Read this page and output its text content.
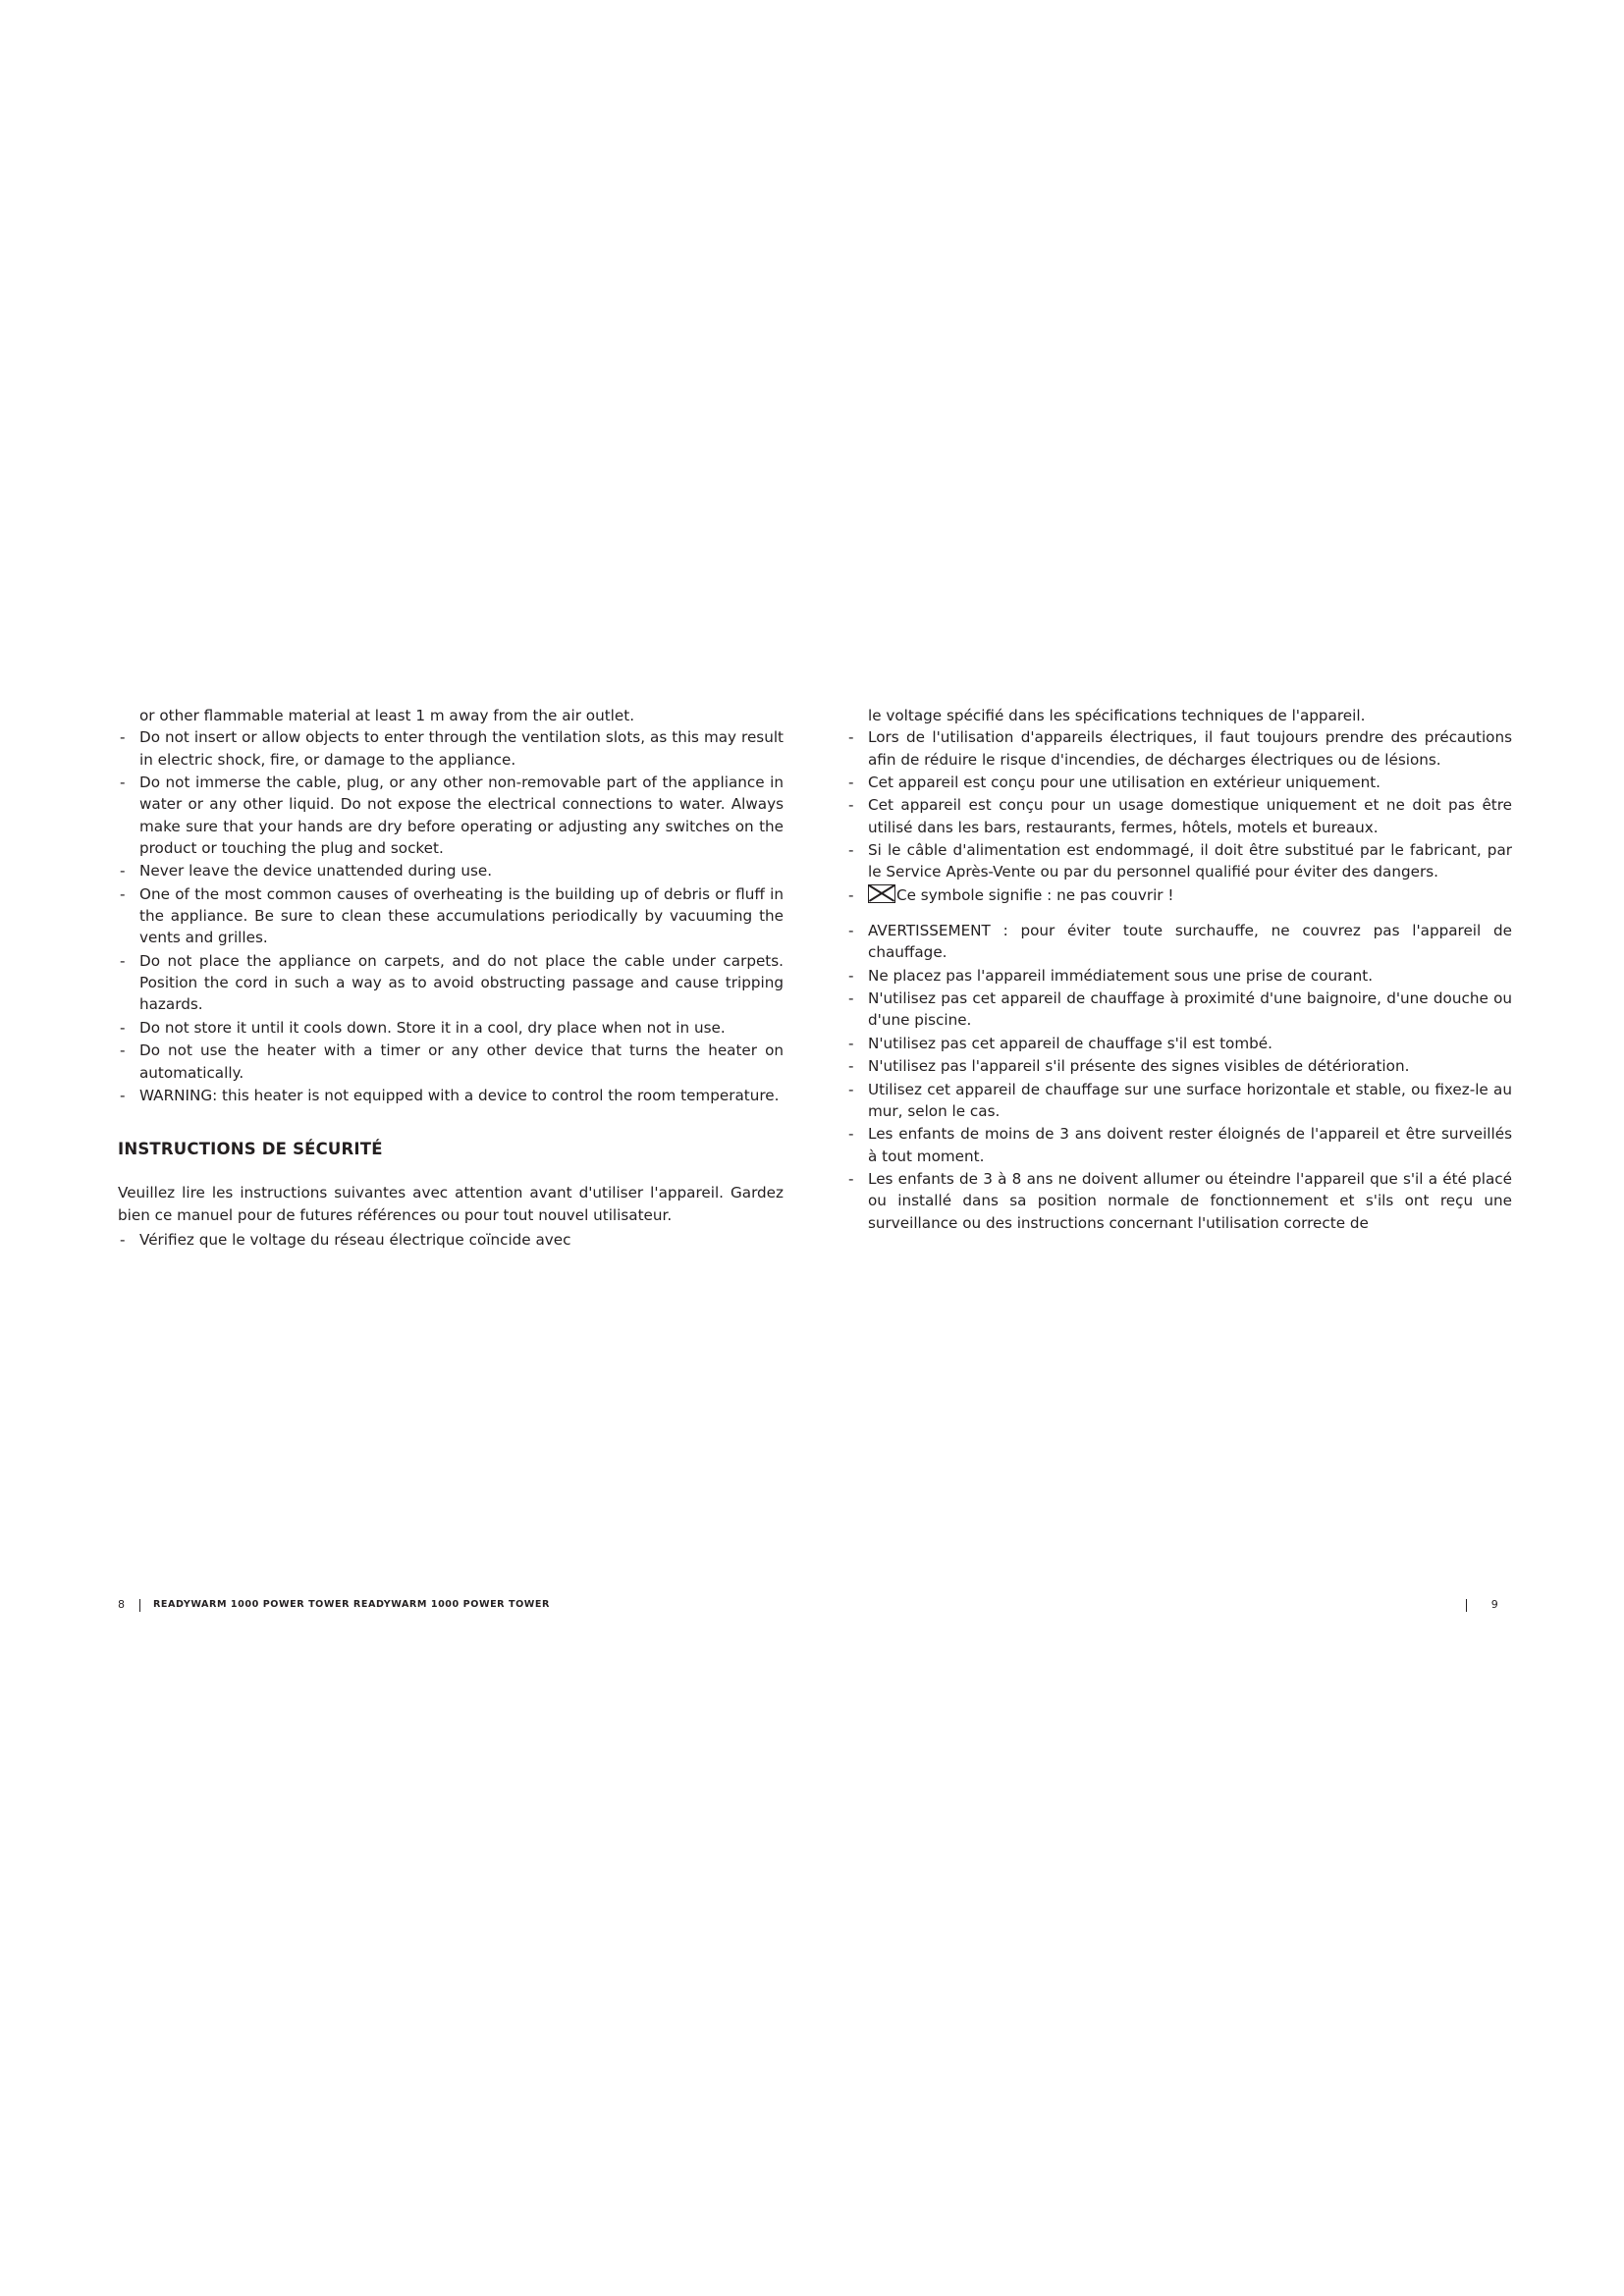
or other flammable material at least 1 m away from the air outlet.

- Do not insert or allow objects to enter through the ventilation slots, as this may result in electric shock, fire, or damage to the appliance.
- Do not immerse the cable, plug, or any other non-removable part of the appliance in water or any other liquid. Do not expose the electrical connections to water. Always make sure that your hands are dry before operating or adjusting any switches on the product or touching the plug and socket.
- Never leave the device unattended during use.
- One of the most common causes of overheating is the building up of debris or fluff in the appliance. Be sure to clean these accumulations periodically by vacuuming the vents and grilles.
- Do not place the appliance on carpets, and do not place the cable under carpets. Position the cord in such a way as to avoid obstructing passage and cause tripping hazards.
- Do not store it until it cools down. Store it in a cool, dry place when not in use.
- Do not use the heater with a timer or any other device that turns the heater on automatically.
- WARNING: this heater is not equipped with a device to control the room temperature.
INSTRUCTIONS DE SÉCURITÉ

Veuillez lire les instructions suivantes avec attention avant d'utiliser l'appareil. Gardez bien ce manuel pour de futures références ou pour tout nouvel utilisateur.

- Vérifiez que le voltage du réseau électrique coïncide avec

le voltage spécifié dans les spécifications techniques de l'appareil.

- Lors de l'utilisation d'appareils électriques, il faut toujours prendre des précautions afin de réduire le risque d'incendies, de décharges électriques ou de lésions.
- Cet appareil est conçu pour une utilisation en extérieur uniquement.
- Cet appareil est conçu pour un usage domestique uniquement et ne doit pas être utilisé dans les bars, restaurants, fermes, hôtels, motels et bureaux.
- Si le câble d'alimentation est endommagé, il doit être substitué par le fabricant, par le Service Après-Vente ou par du personnel qualifié pour éviter des dangers.
-	Ce symbole signifie : ne pas couvrir !
- AVERTISSEMENT : pour éviter toute surchauffe, ne couvrez pas l'appareil de chauffage.
- Ne placez pas l'appareil immédiatement sous une prise de courant.
- N'utilisez pas cet appareil de chauffage à proximité d'une baignoire, d'une douche ou d'une piscine.
- N'utilisez pas cet appareil de chauffage s'il est tombé.
- N'utilisez pas l'appareil s'il présente des signes visibles de détérioration.
- Utilisez cet appareil de chauffage sur une surface horizontale et stable, ou fixez-le au mur, selon le cas.
- Les enfants de moins de 3 ans doivent rester éloignés de l'appareil et être surveillés à tout moment.
- Les enfants de 3 à 8 ans ne doivent allumer ou éteindre l'appareil que s'il a été placé ou installé dans sa position normale de fonctionnement et s'ils ont reçu une surveillance ou des instructions concernant l'utilisation correcte de
8	READYWARM 1000 POWER TOWER READYWARM 1000 POWER TOWER	9
